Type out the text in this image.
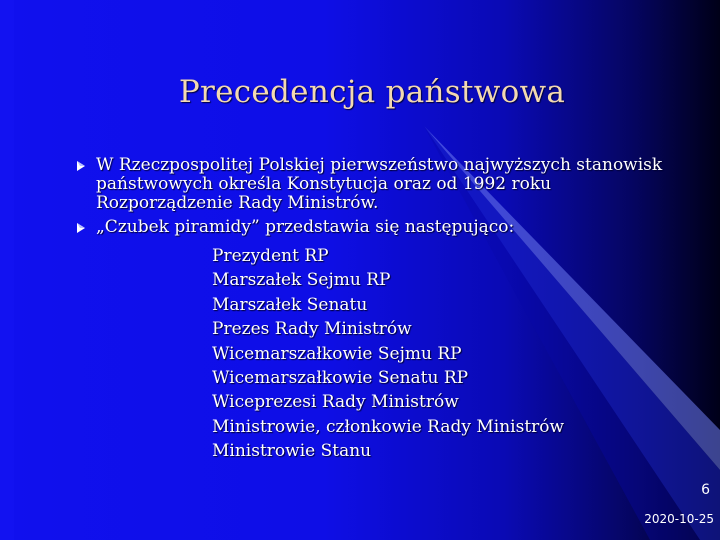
Precedencja państwowa
W Rzeczpospolitej Polskiej pierwszeństwo najwyższych stanowisk państwowych określa Konstytucja oraz od 1992 roku Rozporządzenie Rady Ministrów.
„Czubek piramidy” przedstawia się następująco:
Prezydent RP
Marszałek Sejmu RP
Marszałek Senatu
Prezes Rady Ministrów
Wicemarszałkowie Sejmu RP
Wicemarszałkowie Senatu RP
Wiceprezesi Rady Ministrów
Ministrowie, członkowie Rady Ministrów
Ministrowie Stanu
6
2020-10-25
